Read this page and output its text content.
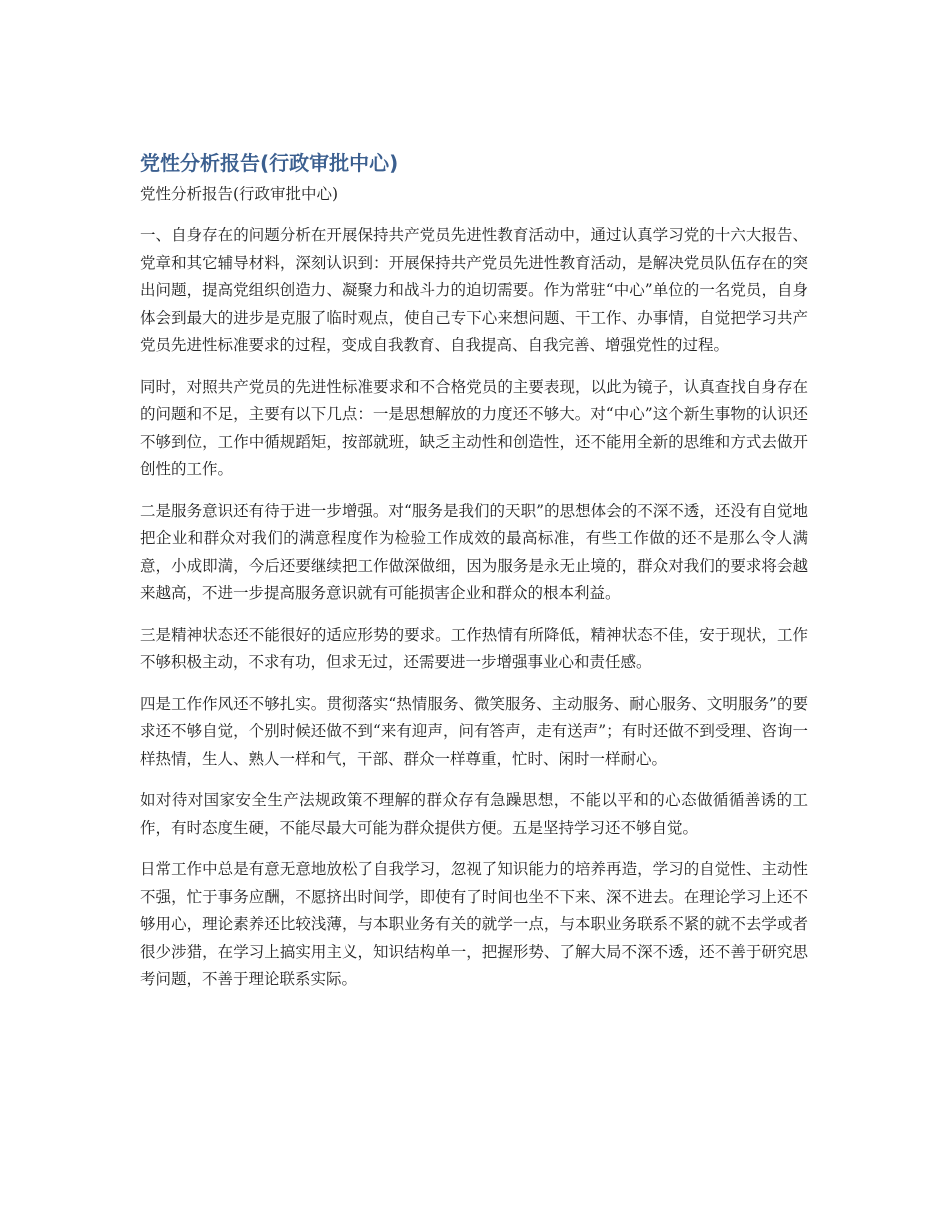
党性分析报告(行政审批中心)
党性分析报告(行政审批中心)

一、自身存在的问题分析在开展保持共产党员先进性教育活动中，通过认真学习党的十六大报告、党章和其它辅导材料，深刻认识到：开展保持共产党员先进性教育活动，是解决党员队伍存在的突出问题，提高党组织创造力、凝聚力和战斗力的迫切需要。作为常驻“中心”单位的一名党员，自身体会到最大的进步是克服了临时观点，使自己专下心来想问题、干工作、办事情，自觉把学习共产党员先进性标准要求的过程，变成自我教育、自我提高、自我完善、增强党性的过程。

同时，对照共产党员的先进性标准要求和不合格党员的主要表现，以此为镜子，认真查找自身存在的问题和不足，主要有以下几点：一是思想解放的力度还不够大。对“中心”这个新生事物的认识还不够到位，工作中循规蹈矩，按部就班，缺乏主动性和创造性，还不能用全新的思维和方式去做开创性的工作。

二是服务意识还有待于进一步增强。对“服务是我们的天职”的思想体会的不深不透，还没有自觉地把企业和群众对我们的满意程度作为检验工作成效的最高标准，有些工作做的还不是那么令人满意，小成即満，今后还要继续把工作做深做细，因为服务是永无止境的，群众对我们的要求将会越来越高，不进一步提高服务意识就有可能损害企业和群众的根本利益。

三是精神状态还不能很好的适应形势的要求。工作热情有所降低，精神状态不佳，安于现状，工作不够积极主动，不求有功，但求无过，还需要进一步增强事业心和责任感。

四是工作作风还不够扎实。贯彻落实“热情服务、微笑服务、主动服务、耐心服务、文明服务”的要求还不够自觉，个别时候还做不到“来有迎声，问有答声，走有送声”；有时还做不到受理、咨询一样热情，生人、熟人一样和气，干部、群众一样尊重，忙时、闲时一样耐心。

如对待对国家安全生产法规政策不理解的群众存有急躁思想，不能以平和的心态做循循善诱的工作，有时态度生硬，不能尽最大可能为群众提供方便。五是坚持学习还不够自觉。

日常工作中总是有意无意地放松了自我学习，忽视了知识能力的培养再造，学习的自觉性、主动性不强，忙于事务应酬，不愿挤出时间学，即使有了时间也坐不下来、深不进去。在理论学习上还不够用心，理论素养还比较浅薄，与本职业务有关的就学一点，与本职业务联系不紧的就不去学或者很少涉猎，在学习上搞实用主义，知识结构单一，把握形势、了解大局不深不透，还不善于研究思考问题，不善于理论联系实际。
